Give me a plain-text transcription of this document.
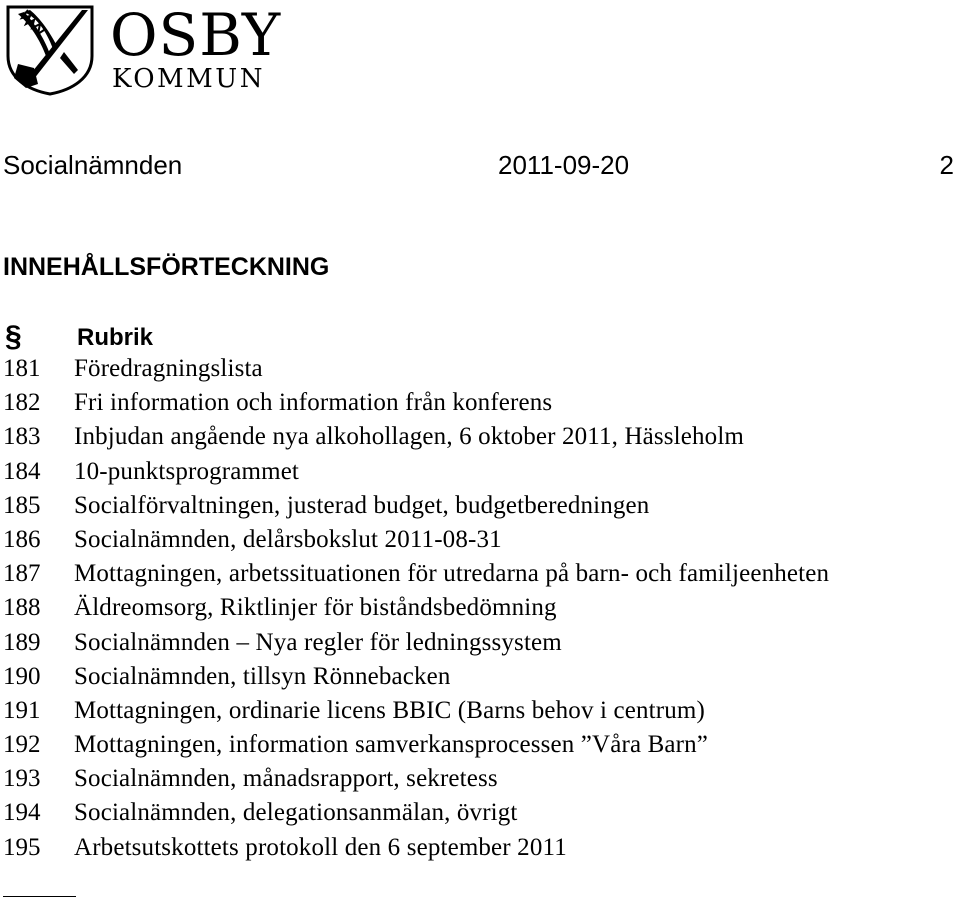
OSBY
KOMMUN
Socialnämnden	2011-09-20	2
INNEHÅLLSFÖRTECKNING
§ Rubrik
181 Föredragningslista
182 Fri information och information från konferens
183 Inbjudan angående nya alkohollagen, 6 oktober 2011, Hässleholm
184 10-punktsprogrammet
185 Socialförvaltningen, justerad budget, budgetberedningen
186 Socialnämnden, delårsbokslut 2011-08-31
187 Mottagningen, arbetssituationen för utredarna på barn- och familjeenheten
188 Äldreomsorg, Riktlinjer för biståndsbedömning
189 Socialnämnden – Nya regler för ledningssystem
190 Socialnämnden, tillsyn Rönnebacken
191 Mottagningen, ordinarie licens BBIC (Barns behov i centrum)
192 Mottagningen, information samverkansprocessen ”Våra Barn”
193 Socialnämnden, månadsrapport, sekretess
194 Socialnämnden, delegationsanmälan, övrigt
195 Arbetsutskottets protokoll den 6 september 2011
